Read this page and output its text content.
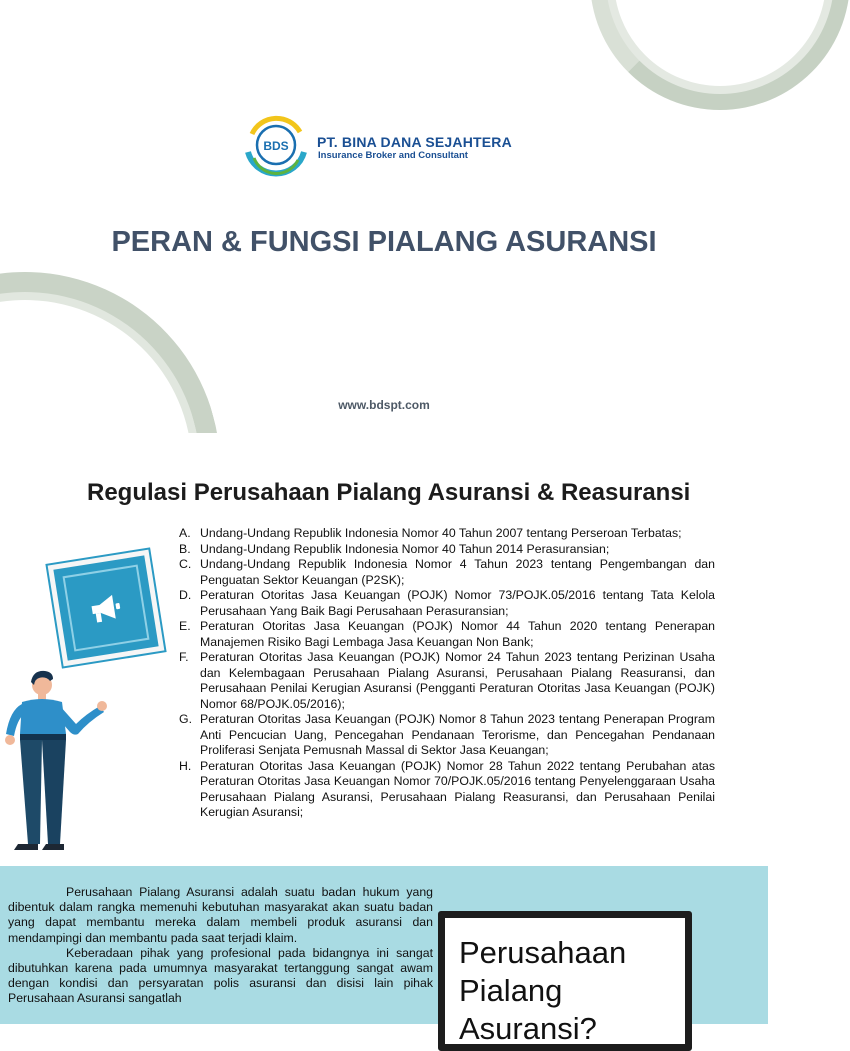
BDS PT. BINA DANA SEJAHTERA
Insurance Broker and Consultant
PERAN & FUNGSI PIALANG ASURANSI
www.bdspt.com
Regulasi Perusahaan Pialang Asuransi & Reasuransi
A. Undang-Undang Republik Indonesia Nomor 40 Tahun 2007 tentang Perseroan Terbatas;
B. Undang-Undang Republik Indonesia Nomor 40 Tahun 2014 Perasuransian;
C. Undang-Undang Republik Indonesia Nomor 4 Tahun 2023 tentang Pengembangan dan Penguatan Sektor Keuangan (P2SK);
D. Peraturan Otoritas Jasa Keuangan (POJK) Nomor 73/POJK.05/2016 tentang Tata Kelola Perusahaan Yang Baik Bagi Perusahaan Perasuransian;
E. Peraturan Otoritas Jasa Keuangan (POJK) Nomor 44 Tahun 2020 tentang Penerapan Manajemen Risiko Bagi Lembaga Jasa Keuangan Non Bank;
F. Peraturan Otoritas Jasa Keuangan (POJK) Nomor 24 Tahun 2023 tentang Perizinan Usaha dan Kelembagaan Perusahaan Pialang Asuransi, Perusahaan Pialang Reasuransi, dan Perusahaan Penilai Kerugian Asuransi (Pengganti Peraturan Otoritas Jasa Keuangan (POJK) Nomor 68/POJK.05/2016);
G. Peraturan Otoritas Jasa Keuangan (POJK) Nomor 8 Tahun 2023 tentang Penerapan Program Anti Pencucian Uang, Pencegahan Pendanaan Terorisme, dan Pencegahan Pendanaan Proliferasi Senjata Pemusnah Massal di Sektor Jasa Keuangan;
H. Peraturan Otoritas Jasa Keuangan (POJK) Nomor 28 Tahun 2022 tentang Perubahan atas Peraturan Otoritas Jasa Keuangan Nomor 70/POJK.05/2016 tentang Penyelenggaraan Usaha Perusahaan Pialang Asuransi, Perusahaan Pialang Reasuransi, dan Perusahaan Penilai Kerugian Asuransi;

Perusahaan Pialang Asuransi adalah suatu badan hukum yang dibentuk dalam rangka memenuhi kebutuhan masyarakat akan suatu badan yang dapat membantu mereka dalam membeli produk asuransi dan mendampingi dan membantu pada saat terjadi klaim.

Keberadaan pihak yang profesional pada bidangnya ini sangat dibutuhkan karena pada umumnya masyarakat tertanggung sangat awam dengan kondisi dan persyaratan polis asuransi dan disisi lain pihak Perusahaan Asuransi sangatlah

Perusahaan Pialang Asuransi?
